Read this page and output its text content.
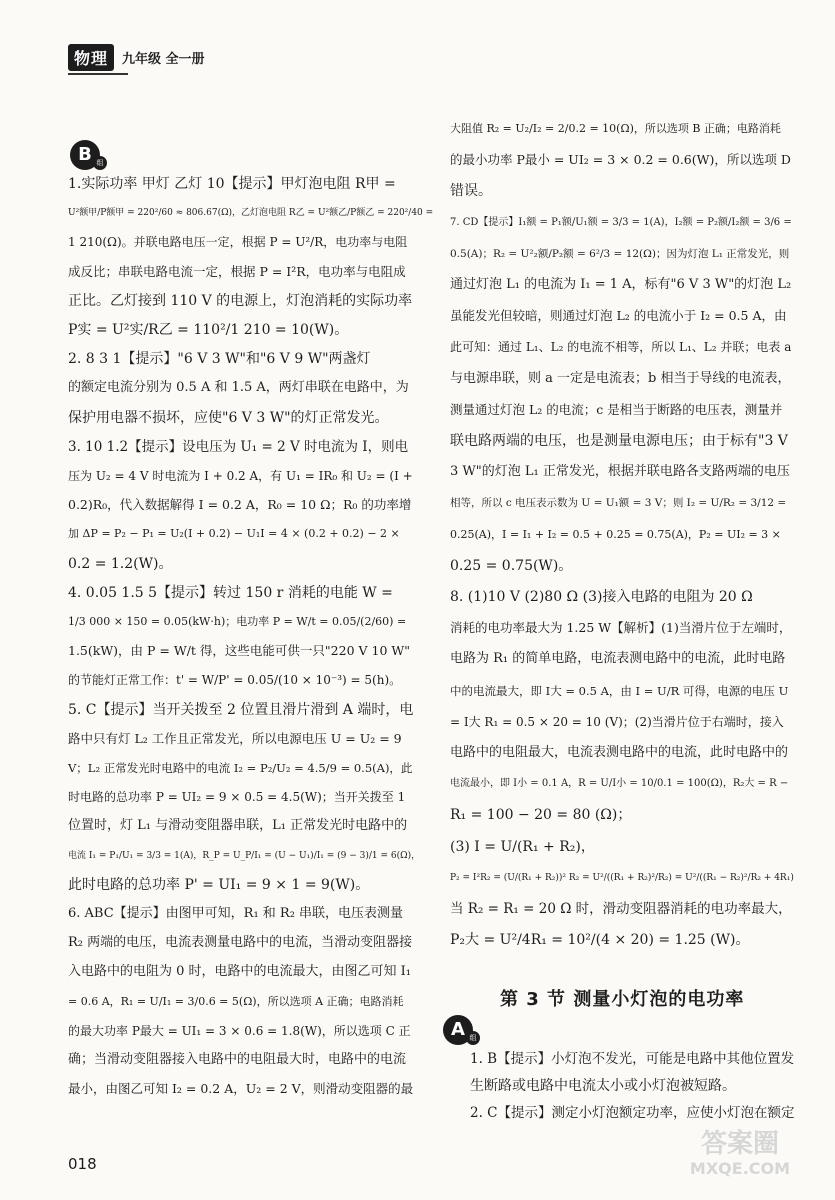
物理	九年级 全一册
B 组

1.实际功率 甲灯 乙灯 10【提示】甲灯泡电阻 R甲 =

U²额甲/P额甲 = 220²/60 ≈ 806.67(Ω)，乙灯泡电阻 R乙 = U²额乙/P额乙 = 220²/40 =

1 210(Ω)。并联电路电压一定，根据 P = U²/R，电功率与电阻

成反比；串联电路电流一定，根据 P = I²R，电功率与电阻成

正比。乙灯接到 110 V 的电源上，灯泡消耗的实际功率

P实 = U²实/R乙 = 110²/1 210 = 10(W)。

2. 8 3 1【提示】"6 V 3 W"和"6 V 9 W"两盏灯

的额定电流分别为 0.5 A 和 1.5 A，两灯串联在电路中，为

保护用电器不损坏，应使"6 V 3 W"的灯正常发光。

3. 10 1.2【提示】设电压为 U₁ = 2 V 时电流为 I，则电

压为 U₂ = 4 V 时电流为 I + 0.2 A，有 U₁ = IR₀ 和 U₂ = (I +

0.2)R₀，代入数据解得 I = 0.2 A，R₀ = 10 Ω；R₀ 的功率增

加 ΔP = P₂ − P₁ = U₂(I + 0.2) − U₁I = 4 × (0.2 + 0.2) − 2 ×

0.2 = 1.2(W)。

4. 0.05 1.5 5【提示】转过 150 r 消耗的电能 W =

1/3 000 × 150 = 0.05(kW·h)；电功率 P = W/t = 0.05/(2/60) =

1.5(kW)，由 P = W/t 得，这些电能可供一只"220 V 10 W"

的节能灯正常工作：t' = W/P' = 0.05/(10 × 10⁻³) = 5(h)。

5. C【提示】当开关拨至 2 位置且滑片滑到 A 端时，电

路中只有灯 L₂ 工作且正常发光，所以电源电压 U = U₂ = 9

V；L₂ 正常发光时电路中的电流 I₂ = P₂/U₂ = 4.5/9 = 0.5(A)，此

时电路的总功率 P = UI₂ = 9 × 0.5 = 4.5(W)；当开关拨至 1

位置时，灯 L₁ 与滑动变阻器串联，L₁ 正常发光时电路中的

电流 I₁ = P₁/U₁ = 3/3 = 1(A)，R_P = U_P/I₁ = (U − U₁)/I₁ = (9 − 3)/1 = 6(Ω)，

此时电路的总功率 P' = UI₁ = 9 × 1 = 9(W)。

6. ABC【提示】由图甲可知，R₁ 和 R₂ 串联，电压表测量

R₂ 两端的电压，电流表测量电路中的电流，当滑动变阻器接

入电路中的电阻为 0 时，电路中的电流最大，由图乙可知 I₁

= 0.6 A，R₁ = U/I₁ = 3/0.6 = 5(Ω)，所以选项 A 正确；电路消耗

的最大功率 P最大 = UI₁ = 3 × 0.6 = 1.8(W)，所以选项 C 正

确；当滑动变阻器接入电路中的电阻最大时，电路中的电流

最小，由图乙可知 I₂ = 0.2 A，U₂ = 2 V，则滑动变阻器的最

大阻值 R₂ = U₂/I₂ = 2/0.2 = 10(Ω)，所以选项 B 正确；电路消耗

的最小功率 P最小 = UI₂ = 3 × 0.2 = 0.6(W)，所以选项 D

错误。

7. CD【提示】I₁额 = P₁额/U₁额 = 3/3 = 1(A)，I₂额 = P₂额/I₂额 = 3/6 =

0.5(A)；R₂ = U²₂额/P₂额 = 6²/3 = 12(Ω)；因为灯泡 L₁ 正常发光，则

通过灯泡 L₁ 的电流为 I₁ = 1 A，标有"6 V 3 W"的灯泡 L₂

虽能发光但较暗，则通过灯泡 L₂ 的电流小于 I₂ = 0.5 A，由

此可知：通过 L₁、L₂ 的电流不相等，所以 L₁、L₂ 并联；电表 a

与电源串联，则 a 一定是电流表；b 相当于导线的电流表，

测量通过灯泡 L₂ 的电流；c 是相当于断路的电压表，测量并

联电路两端的电压，也是测量电源电压；由于标有"3 V

3 W"的灯泡 L₁ 正常发光，根据并联电路各支路两端的电压

相等，所以 c 电压表示数为 U = U₁额 = 3 V；则 I₂ = U/R₂ = 3/12 =

0.25(A)，I = I₁ + I₂ = 0.5 + 0.25 = 0.75(A)，P₂ = UI₂ = 3 ×

0.25 = 0.75(W)。

8. (1)10 V (2)80 Ω (3)接入电路的电阻为 20 Ω

消耗的电功率最大为 1.25 W【解析】(1)当滑片位于左端时，

电路为 R₁ 的简单电路，电流表测电路中的电流，此时电路

中的电流最大，即 I大 = 0.5 A，由 I = U/R 可得，电源的电压 U

= I大 R₁ = 0.5 × 20 = 10 (V)；(2)当滑片位于右端时，接入

电路中的电阻最大，电流表测电路中的电流，此时电路中的

电流最小，即 I小 = 0.1 A，R = U/I小 = 10/0.1 = 100(Ω)，R₂大 = R −

R₁ = 100 − 20 = 80 (Ω)；

(3) I = U/(R₁ + R₂)，

P₂ = I²R₂ = (U/(R₁ + R₂))² R₂ = U²/((R₁ + R₂)²/R₂) = U²/((R₁ − R₂)²/R₂ + 4R₁)

当 R₂ = R₁ = 20 Ω 时，滑动变阻器消耗的电功率最大，

P₂大 = U²/4R₁ = 10²/(4 × 20) = 1.25 (W)。

第 3 节 测量小灯泡的电功率
A 组

1. B【提示】小灯泡不发光，可能是电路中其他位置发

生断路或电路中电流太小或小灯泡被短路。

2. C【提示】测定小灯泡额定功率，应使小灯泡在额定

018
答案圈
MXQE.COM
